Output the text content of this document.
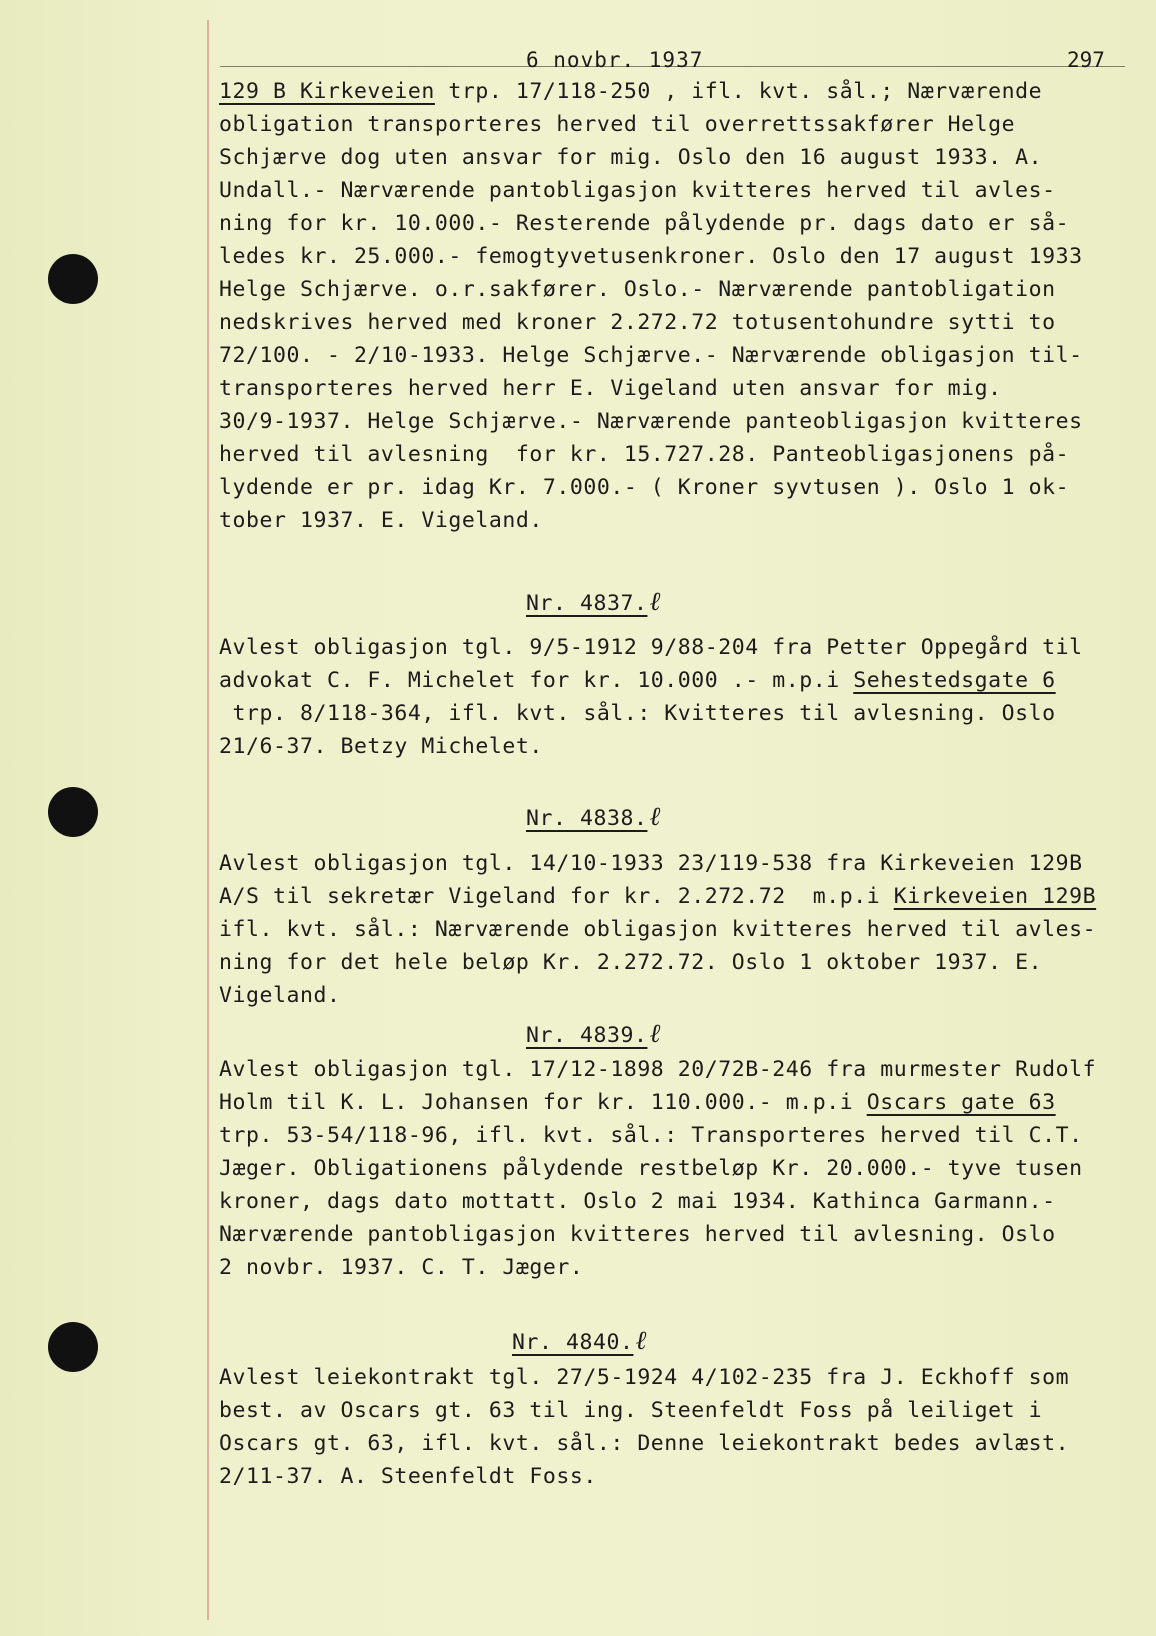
6 novbr. 1937	297
129 B Kirkeveien trp. 17/118-250 , ifl. kvt. sål.; Nærværende
obligation transporteres herved til overrettssakfører Helge
Schjærve dog uten ansvar for mig. Oslo den 16 august 1933. A.
Undall.- Nærværende pantobligasjon kvitteres herved til avles-
ning for kr. 10.000.- Resterende pålydende pr. dags dato er så-
ledes kr. 25.000.- femogtyvetusenkroner. Oslo den 17 august 1933
Helge Schjærve. o.r.sakfører. Oslo.- Nærværende pantobligation
nedskrives herved med kroner 2.272.72 totusentohundre sytti to
72/100. - 2/10-1933. Helge Schjærve.- Nærværende obligasjon til-
transporteres herved herr E. Vigeland uten ansvar for mig.
30/9-1937. Helge Schjærve.- Nærværende panteobligasjon kvitteres
herved til avlesning  for kr. 15.727.28. Panteobligasjonens på-
lydende er pr. idag Kr. 7.000.- ( Kroner syvtusen ). Oslo 1 ok-
tober 1937. E. Vigeland.
Nr. 4837.ℓ
Avlest obligasjon tgl. 9/5-1912 9/88-204 fra Petter Oppegård til
advokat C. F. Michelet for kr. 10.000 .- m.p.i Sehestedsgate 6
trp. 8/118-364, ifl. kvt. sål.: Kvitteres til avlesning. Oslo
21/6-37. Betzy Michelet.
Nr. 4838.ℓ
Avlest obligasjon tgl. 14/10-1933 23/119-538 fra Kirkeveien 129B
A/S til sekretær Vigeland for kr. 2.272.72  m.p.i Kirkeveien 129B
ifl. kvt. sål.: Nærværende obligasjon kvitteres herved til avles-
ning for det hele beløp Kr. 2.272.72. Oslo 1 oktober 1937. E.
Vigeland.
Nr. 4839.ℓ
Avlest obligasjon tgl. 17/12-1898 20/72B-246 fra murmester Rudolf
Holm til K. L. Johansen for kr. 110.000.- m.p.i Oscars gate 63
trp. 53-54/118-96, ifl. kvt. sål.: Transporteres herved til C.T.
Jæger. Obligationens pålydende restbeløp Kr. 20.000.- tyve tusen
kroner, dags dato mottatt. Oslo 2 mai 1934. Kathinca Garmann.-
Nærværende pantobligasjon kvitteres herved til avlesning. Oslo
2 novbr. 1937. C. T. Jæger.
Nr. 4840.ℓ
Avlest leiekontrakt tgl. 27/5-1924 4/102-235 fra J. Eckhoff som
best. av Oscars gt. 63 til ing. Steenfeldt Foss på leiliget i
Oscars gt. 63, ifl. kvt. sål.: Denne leiekontrakt bedes avlæst.
2/11-37. A. Steenfeldt Foss.
